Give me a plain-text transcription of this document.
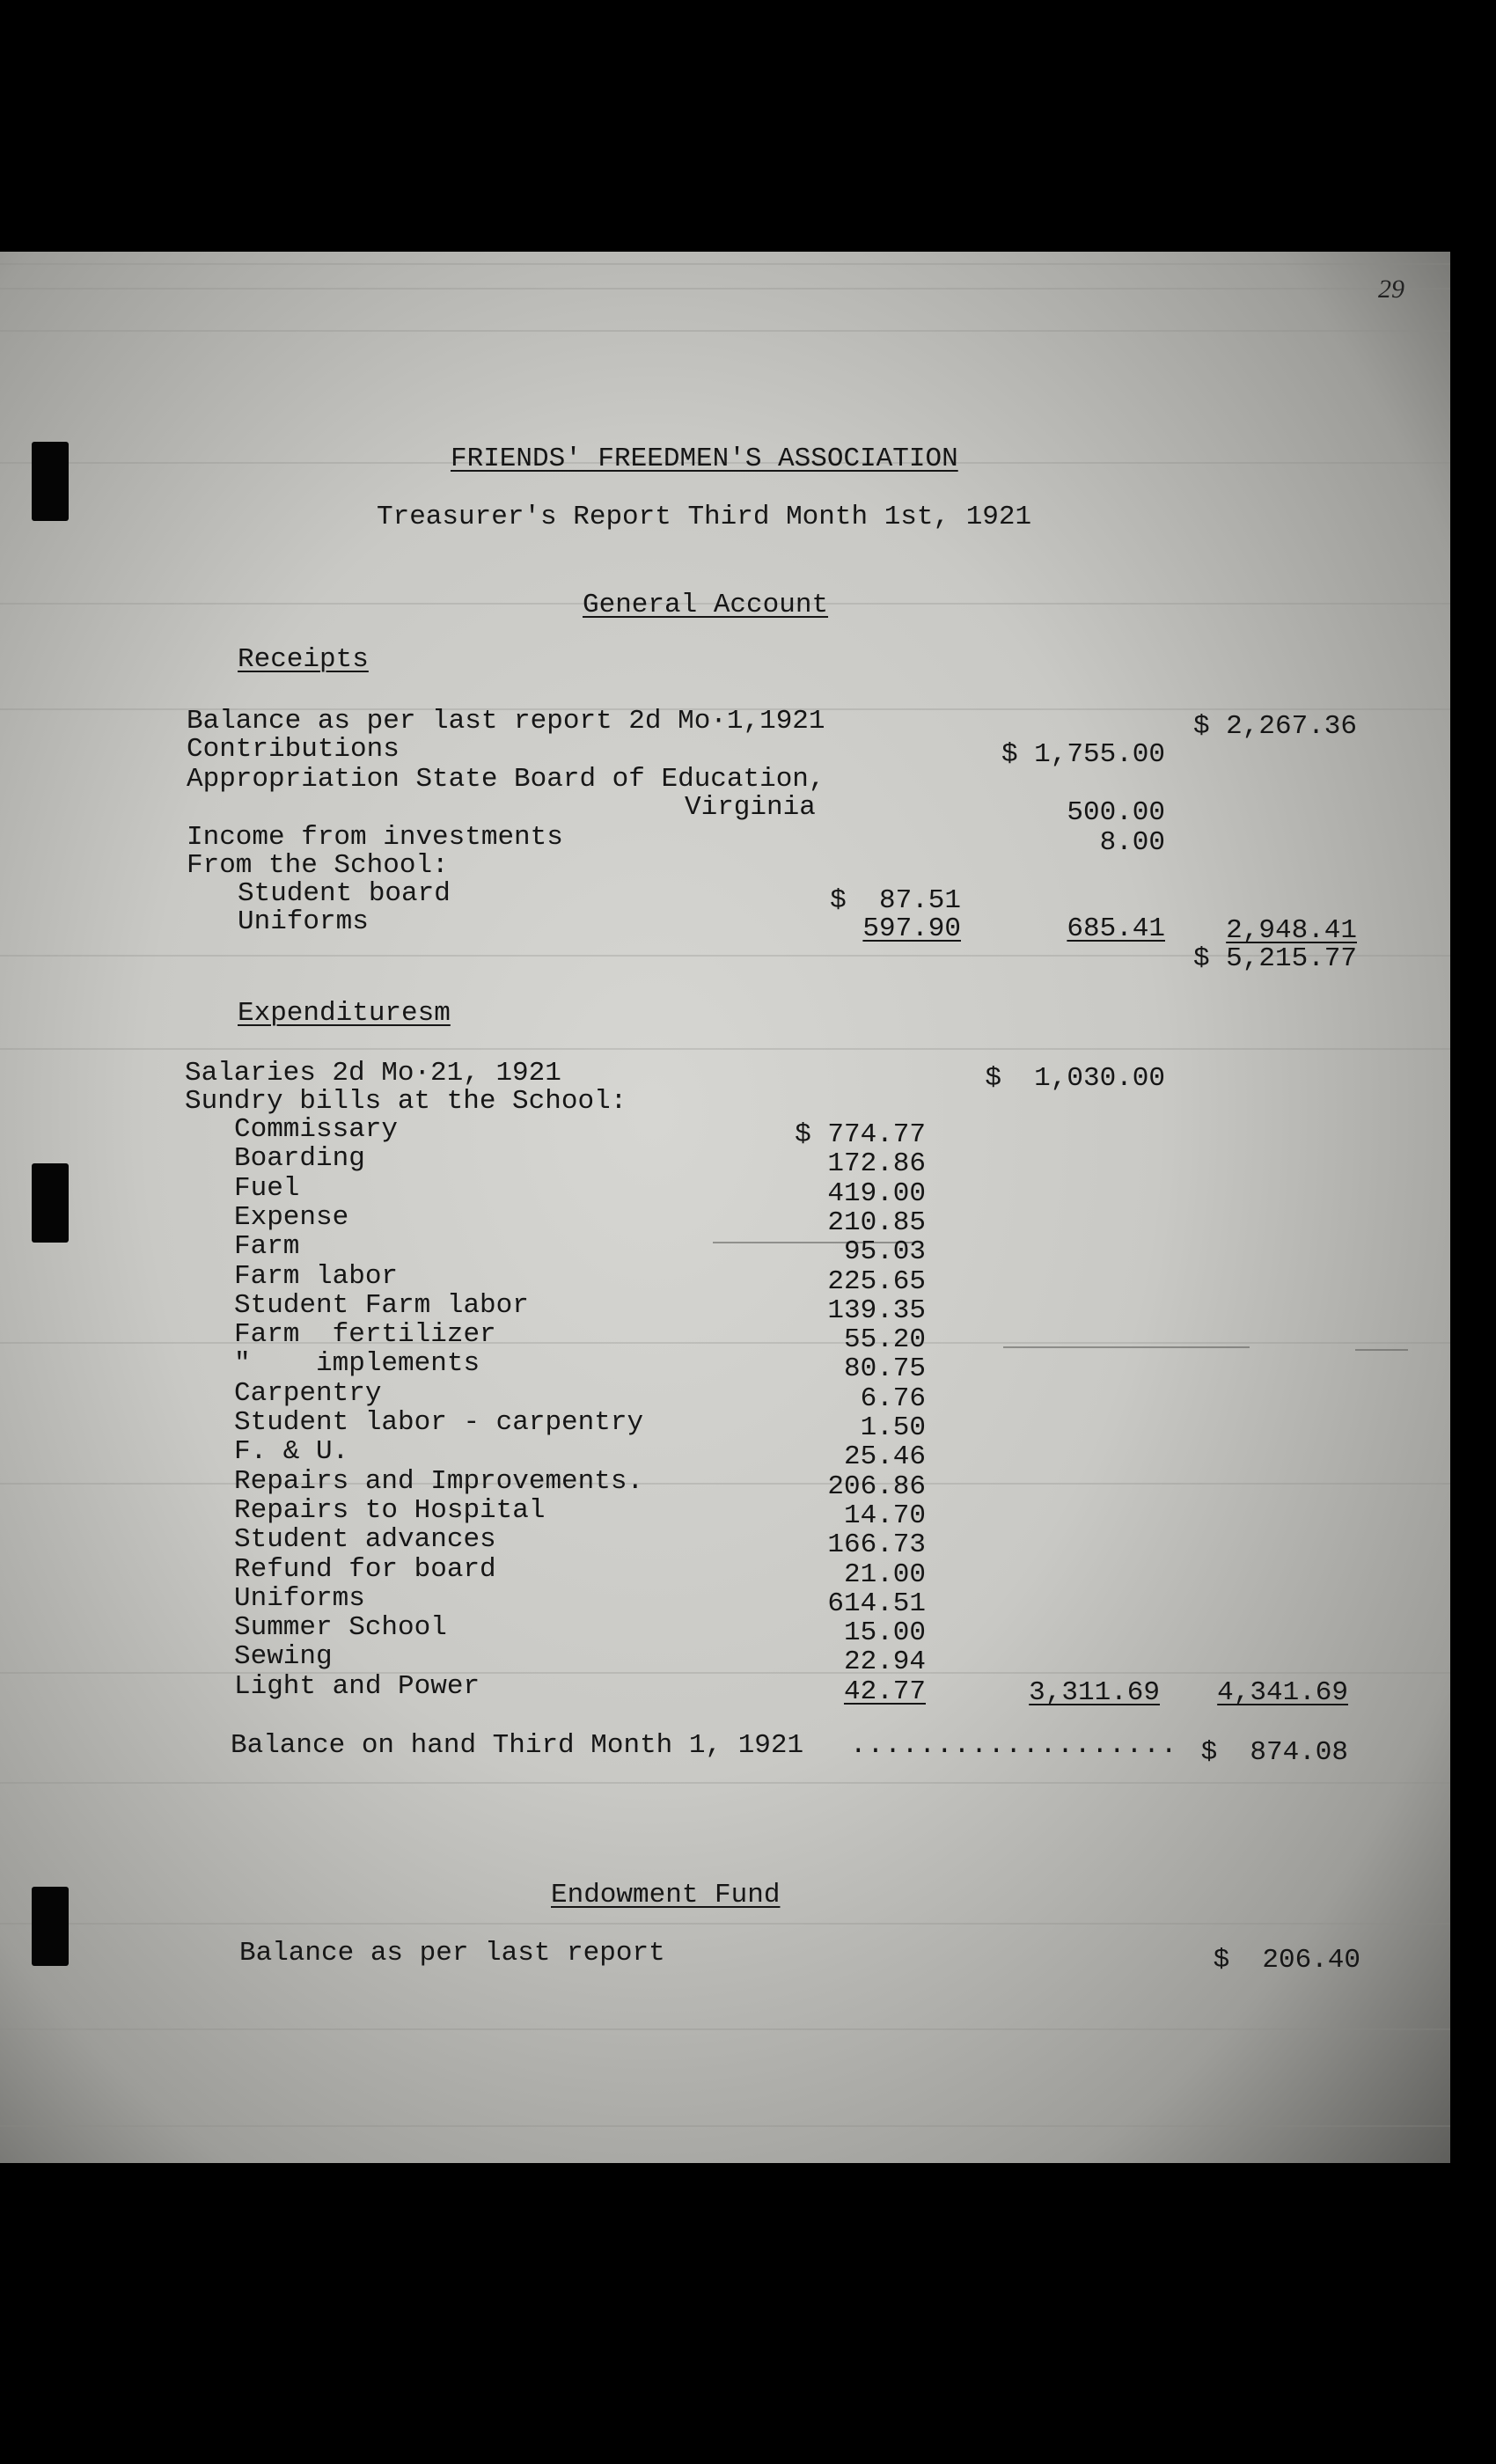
29
FRIENDS' FREEDMEN'S ASSOCIATION
Treasurer's Report Third Month 1st, 1921
General Account
Receipts
Balance as per last report 2d Mo·1,1921	$ 2,267.36
Contributions	$ 1,755.00
Appropriation State Board of Education,
Virginia	500.00
Income from investments	8.00
From the School:
Student board	$  87.51
Uniforms	597.90	685.41	2,948.41
$ 5,215.77
Expendituresm
Salaries 2d Mo·21, 1921	$  1,030.00
Sundry bills at the School:
Commissary	$ 774.77
Boarding	172.86
Fuel	419.00
Expense	210.85
Farm	95.03
Farm labor	225.65
Student Farm labor	139.35
Farm  fertilizer	55.20
"    implements	80.75
Carpentry	6.76
Student labor - carpentry	1.50
F. & U.	25.46
Repairs and Improvements.	206.86
Repairs to Hospital	14.70
Student advances	166.73
Refund for board	21.00
Uniforms	614.51
Summer School	15.00
Sewing	22.94
Light and Power	42.77	3,311.69	4,341.69
Balance on hand Third Month 1, 1921 ................... $  874.08
Endowment Fund
Balance as per last report	$  206.40
